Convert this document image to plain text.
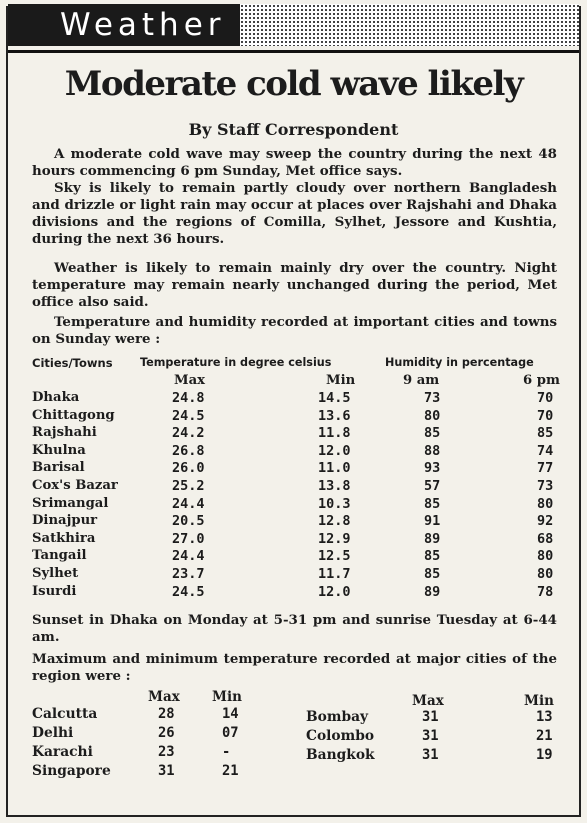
Weather
Moderate cold wave likely
By Staff Correspondent
A moderate cold wave may sweep the country during the next 48 hours commencing 6 pm Sunday, Met office says.
Sky is likely to remain partly cloudy over northern Bangladesh and drizzle or light rain may occur at places over Rajshahi and Dhaka divisions and the regions of Comilla, Sylhet, Jessore and Kushtia, during the next 36 hours.
Weather is likely to remain mainly dry over the country. Night temperature may remain nearly unchanged during the period, Met office also said.
Temperature and humidity recorded at important cities and towns on Sunday were :
Cities/Towns Temperature in degree celsius	Humidity in percentage
Max	Min	9 am	6 pm
Dhaka	24.8	14.5	73	70
Chittagong	24.5	13.6	80	70
Rajshahi	24.2	11.8	85	85
Khulna	26.8	12.0	88	74
Barisal	26.0	11.0	93	77
Cox's Bazar	25.2	13.8	57	73
Srimangal	24.4	10.3	85	80
Dinajpur	20.5	12.8	91	92
Satkhira	27.0	12.9	89	68
Tangail	24.4	12.5	85	80
Sylhet	23.7	11.7	85	80
Isurdi	24.5	12.0	89	78
Sunset in Dhaka on Monday at 5-31 pm and sunrise Tuesday at 6-44 am.
Maximum and minimum temperature recorded at major cities of the region were :
Max Min	Max	Min
Calcutta	28	14
Delhi	26	07
Karachi	23	-
Singapore	31	21
Bombay	31	13
Colombo	31	21
Bangkok	31	19
